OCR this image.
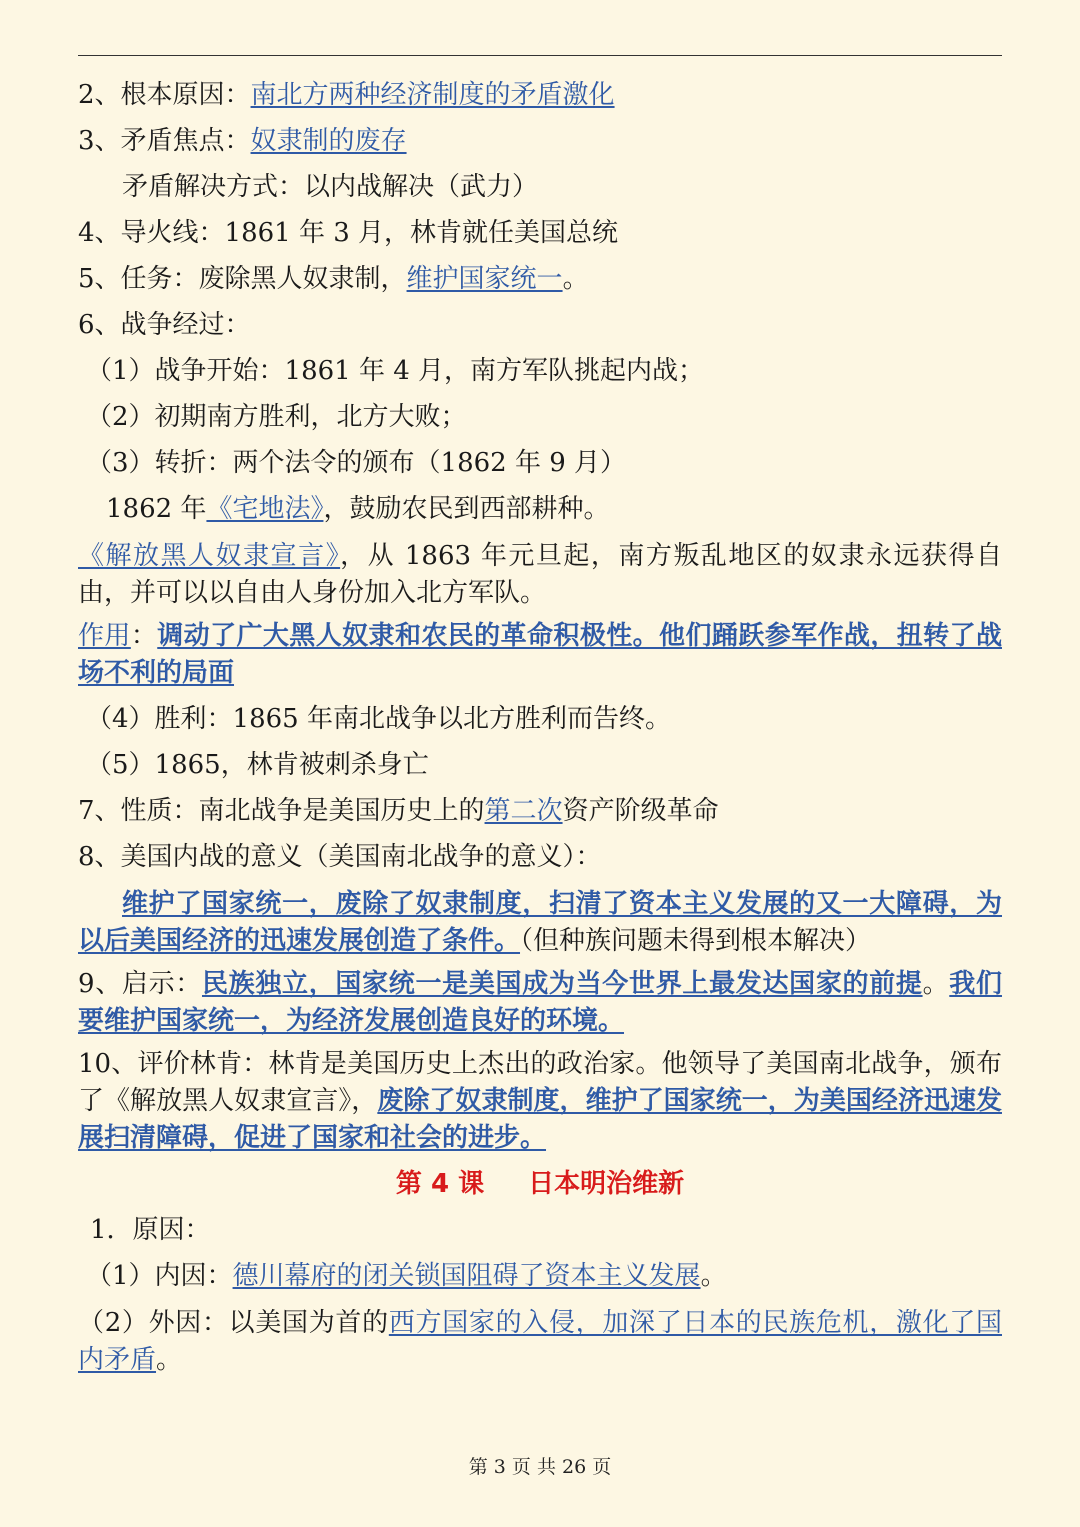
2、根本原因：南北方两种经济制度的矛盾激化
3、矛盾焦点：奴隶制的废存
矛盾解决方式：以内战解决（武力）
4、导火线：1861 年 3 月，林肯就任美国总统
5、任务：废除黑人奴隶制，维护国家统一。
6、战争经过：
（1）战争开始：1861 年 4 月，南方军队挑起内战；
（2）初期南方胜利，北方大败；
（3）转折：两个法令的颁布（1862 年 9 月）
1862 年《宅地法》，鼓励农民到西部耕种。
《解放黑人奴隶宣言》，从 1863 年元旦起，南方叛乱地区的奴隶永远获得自由，并可以以自由人身份加入北方军队。
作用：调动了广大黑人奴隶和农民的革命积极性。他们踊跃参军作战，扭转了战场不利的局面
（4）胜利：1865 年南北战争以北方胜利而告终。
（5）1865，林肯被刺杀身亡
7、性质：南北战争是美国历史上的第二次资产阶级革命
8、美国内战的意义（美国南北战争的意义）：
维护了国家统一，废除了奴隶制度，扫清了资本主义发展的又一大障碍，为以后美国经济的迅速发展创造了条件。（但种族问题未得到根本解决）
9、启示：民族独立，国家统一是美国成为当今世界上最发达国家的前提。我们要维护国家统一，为经济发展创造良好的环境。
10、评价林肯：林肯是美国历史上杰出的政治家。他领导了美国南北战争，颁布了《解放黑人奴隶宣言》，废除了奴隶制度，维护了国家统一，为美国经济迅速发展扫清障碍，促进了国家和社会的进步。
第 4 课 日本明治维新
1．原因：
（1）内因：德川幕府的闭关锁国阻碍了资本主义发展。
（2）外因：以美国为首的西方国家的入侵，加深了日本的民族危机，激化了国内矛盾。
第 3 页 共 26 页
